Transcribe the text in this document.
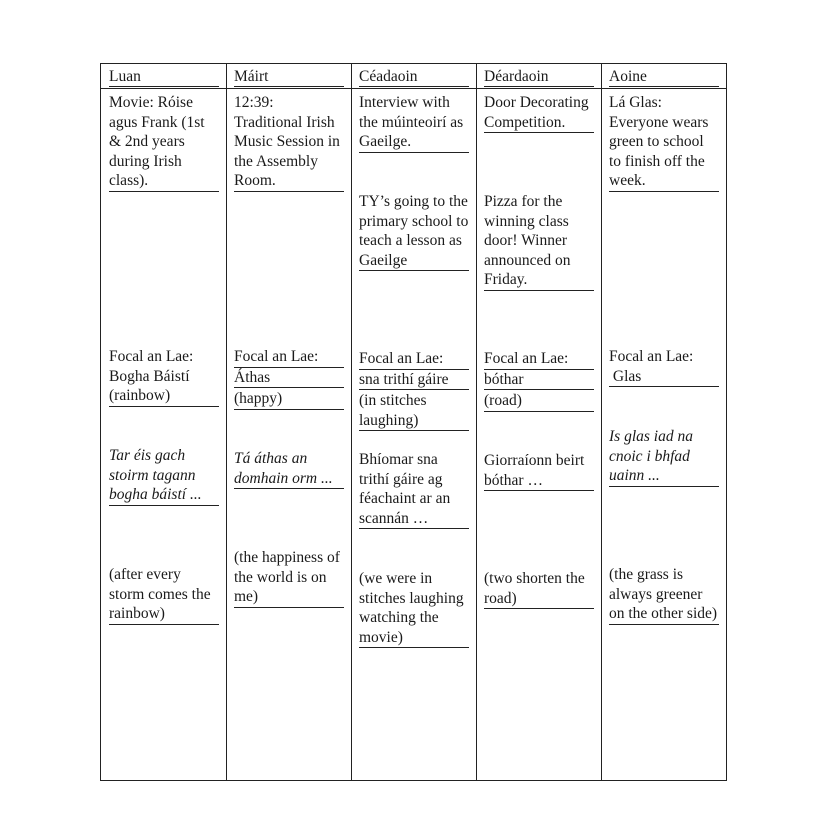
Luan
Movie: Róise agus Frank (1st & 2nd years during Irish class).
Focal an Lae:
Bogha Báistí (rainbow)
Tar éis gach stoirm tagann bogha báistí ...
(after every storm comes the rainbow)
Máirt
12:39: Traditional Irish Music Session in the Assembly Room.
Focal an Lae:
Áthas
(happy)
Tá áthas an domhain orm ...
(the happiness of the world is on me)
Céadaoin
Interview with the múinteoirí as Gaeilge.
TY’s going to the primary school to teach a lesson as Gaeilge
Focal an Lae:
sna trithí gáire
(in stitches laughing)
Bhíomar sna trithí gáire ag féachaint ar an scannán …
(we were in stitches laughing watching the movie)
Déardaoin
Door Decorating Competition.
Pizza for the winning class door! Winner announced on Friday.
Focal an Lae:
bóthar
(road)
Giorraíonn beirt bóthar …
(two shorten the road)
Aoine
Lá Glas: Everyone wears green to school to finish off the week.
Focal an Lae:
Glas
Is glas iad na cnoic i bhfad uainn ...
(the grass is always greener on the other side)
